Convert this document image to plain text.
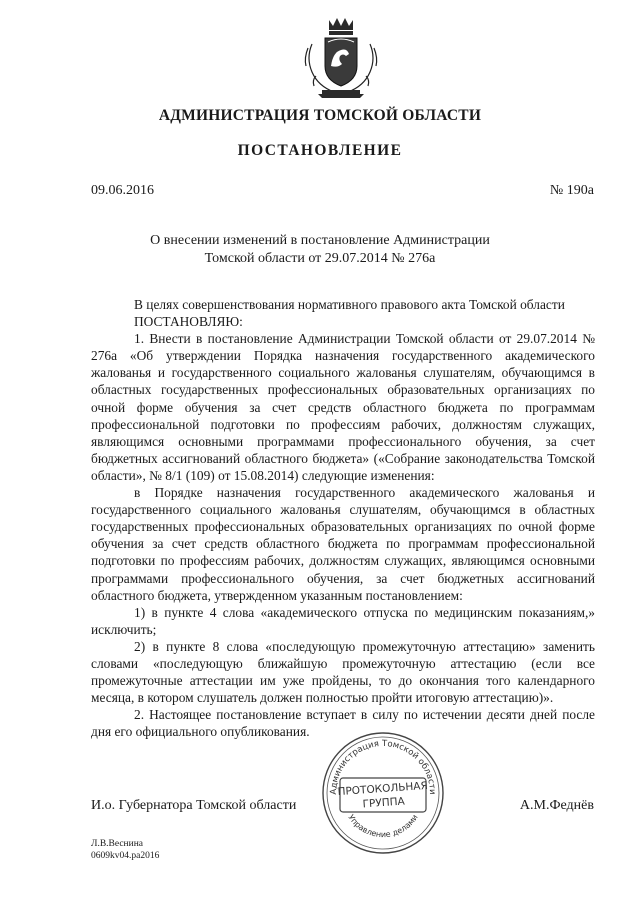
АДМИНИСТРАЦИЯ ТОМСКОЙ ОБЛАСТИ
ПОСТАНОВЛЕНИЕ
09.06.2016	№ 190а
О внесении изменений в постановление Администрации
Томской области от 29.07.2014 № 276а

В целях совершенствования нормативного правового акта Томской области

ПОСТАНОВЛЯЮ:

1. Внести в постановление Администрации Томской области от 29.07.2014 № 276а «Об утверждении Порядка назначения государственного академического жалованья и государственного социального жалованья слушателям, обучающимся в областных государственных профессиональных образовательных организациях по очной форме обучения за счет средств областного бюджета по программам профессиональной подготовки по профессиям рабочих, должностям служащих, являющимся основными программами профессионального обучения, за счет бюджетных ассигнований областного бюджета» («Собрание законодательства Томской области», № 8/1 (109) от 15.08.2014) следующие изменения:

в Порядке назначения государственного академического жалованья и государственного социального жалованья слушателям, обучающимся в областных государственных профессиональных образовательных организациях по очной форме обучения за счет средств областного бюджета по программам профессиональной подготовки по профессиям рабочих, должностям служащих, являющимся основными программами профессионального обучения, за счет бюджетных ассигнований областного бюджета, утвержденном указанным постановлением:

1) в пункте 4 слова «академического отпуска по медицинским показаниям,» исключить;

2) в пункте 8 слова «последующую промежуточную аттестацию» заменить словами «последующую ближайшую промежуточную аттестацию (если все промежуточные аттестации им уже пройдены, то до окончания того календарного месяца, в котором слушатель должен полностью пройти итоговую аттестацию)».

2. Настоящее постановление вступает в силу по истечении десяти дней после дня его официального опубликования.

И.о. Губернатора Томской области
Администрация Томской области
Управление делами
ПРОТОКОЛЬНАЯ
ГРУППА	А.М.Феднёв
Л.В.Веснина
0609kv04.pa2016
